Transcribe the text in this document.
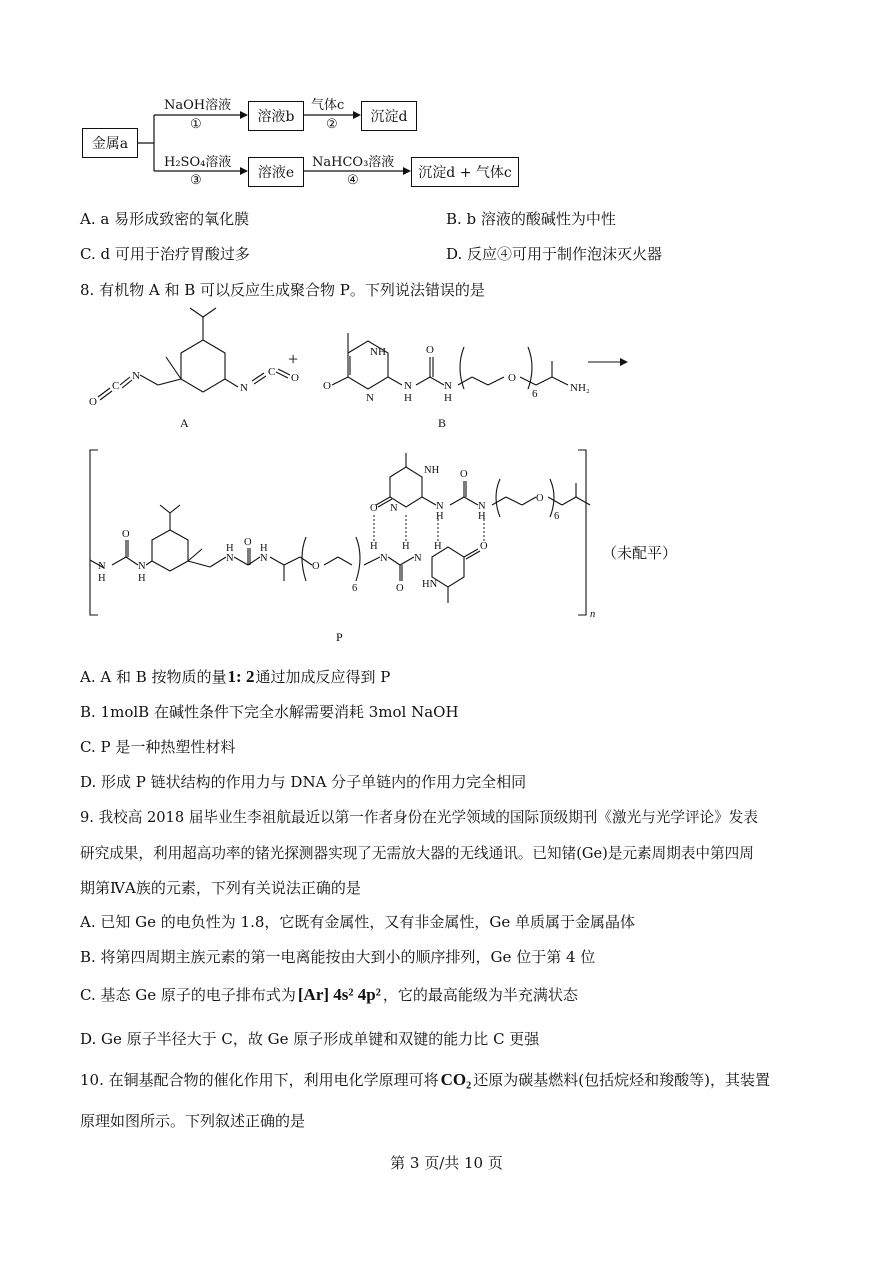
金属a
溶液b	沉淀d
溶液e	沉淀d + 气体c
NaOH溶液
①
气体c
②
H₂SO₄溶液
③
NaHCO₃溶液
④
A. a 易形成致密的氧化膜	B. b 溶液的酸碱性为中性
C. d 可用于治疗胃酸过多	D. 反应④可用于制作泡沫灭火器
8. 有机物 A 和 B 可以反应生成聚合物 P。下列说法错误的是
N
C O
N
C
O
O
NH
N
N
H
O
N
H
O
6	NH₂
A	B
+
N
H
O
N
H
N
H
O
N
H
O
6
H
N
O
H
N
H
HN
O
O N
NH
N
H
O
N
H
O
6
n
P
（未配平）
A. A 和 B 按物质的量1: 2通过加成反应得到 P
B. 1molB 在碱性条件下完全水解需要消耗 3mol NaOH
C. P 是一种热塑性材料
D. 形成 P 链状结构的作用力与 DNA 分子单链内的作用力完全相同
9. 我校高 2018 届毕业生李祖航最近以第一作者身份在光学领域的国际顶级期刊《激光与光学评论》发表
研究成果，利用超高功率的锗光探测器实现了无需放大器的无线通讯。已知锗(Ge)是元素周期表中第四周
期第ⅣA族的元素，下列有关说法正确的是
A. 已知 Ge 的电负性为 1.8，它既有金属性，又有非金属性，Ge 单质属于金属晶体
B. 将第四周期主族元素的第一电离能按由大到小的顺序排列，Ge 位于第 4 位
C. 基态 Ge 原子的电子排布式为 [Ar] 4s² 4p² ，它的最高能级为半充满状态
D. Ge 原子半径大于 C，故 Ge 原子形成单键和双键的能力比 C 更强
10. 在铜基配合物的催化作用下，利用电化学原理可将 CO₂ 还原为碳基燃料(包括烷烃和羧酸等)，其装置
原理如图所示。下列叙述正确的是
第 3 页/共 10 页
